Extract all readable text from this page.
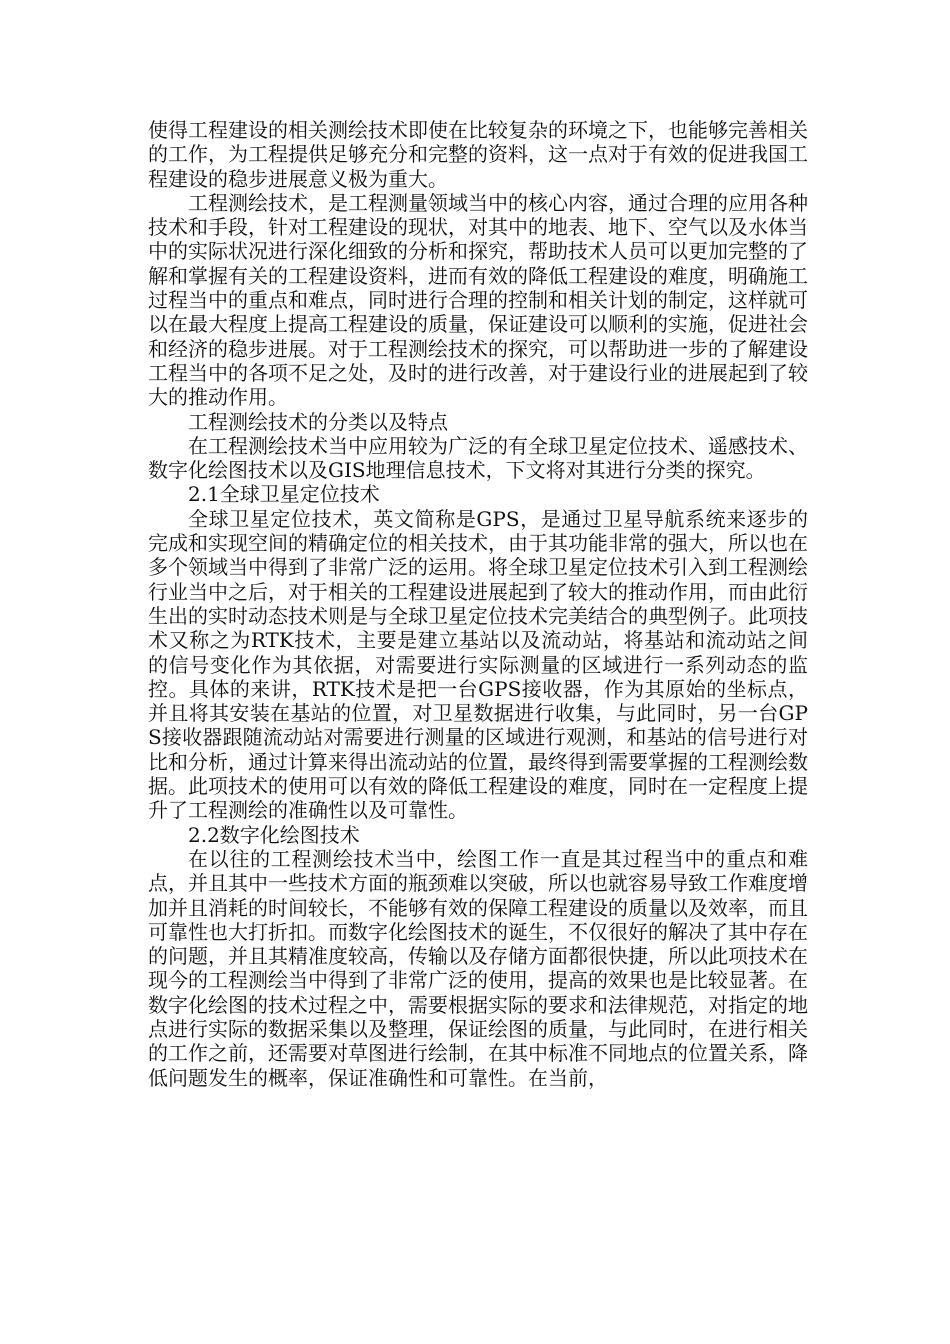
使得工程建设的相关测绘技术即使在比较复杂的环境之下，也能够完善相关的工作，为工程提供足够充分和完整的资料，这一点对于有效的促进我国工程建设的稳步进展意义极为重大。

工程测绘技术，是工程测量领域当中的核心内容，通过合理的应用各种技术和手段，针对工程建设的现状，对其中的地表、地下、空气以及水体当中的实际状况进行深化细致的分析和探究，帮助技术人员可以更加完整的了解和掌握有关的工程建设资料，进而有效的降低工程建设的难度，明确施工过程当中的重点和难点，同时进行合理的控制和相关计划的制定，这样就可以在最大程度上提高工程建设的质量，保证建设可以顺利的实施，促进社会和经济的稳步进展。对于工程测绘技术的探究，可以帮助进一步的了解建设工程当中的各项不足之处，及时的进行改善，对于建设行业的进展起到了较大的推动作用。

工程测绘技术的分类以及特点

在工程测绘技术当中应用较为广泛的有全球卫星定位技术、遥感技术、数字化绘图技术以及GIS地理信息技术，下文将对其进行分类的探究。

2.1全球卫星定位技术

全球卫星定位技术，英文简称是GPS，是通过卫星导航系统来逐步的完成和实现空间的精确定位的相关技术，由于其功能非常的强大，所以也在多个领域当中得到了非常广泛的运用。将全球卫星定位技术引入到工程测绘行业当中之后，对于相关的工程建设进展起到了较大的推动作用，而由此衍生出的实时动态技术则是与全球卫星定位技术完美结合的典型例子。此项技术又称之为RTK技术，主要是建立基站以及流动站，将基站和流动站之间的信号变化作为其依据，对需要进行实际测量的区域进行一系列动态的监控。具体的来讲，RTK技术是把一台GPS接收器，作为其原始的坐标点，并且将其安装在基站的位置，对卫星数据进行收集，与此同时，另一台GPS接收器跟随流动站对需要进行测量的区域进行观测，和基站的信号进行对比和分析，通过计算来得出流动站的位置，最终得到需要掌握的工程测绘数据。此项技术的使用可以有效的降低工程建设的难度，同时在一定程度上提升了工程测绘的准确性以及可靠性。

2.2数字化绘图技术

在以往的工程测绘技术当中，绘图工作一直是其过程当中的重点和难点，并且其中一些技术方面的瓶颈难以突破，所以也就容易导致工作难度增加并且消耗的时间较长，不能够有效的保障工程建设的质量以及效率，而且可靠性也大打折扣。而数字化绘图技术的诞生，不仅很好的解决了其中存在的问题，并且其精准度较高，传输以及存储方面都很快捷，所以此项技术在现今的工程测绘当中得到了非常广泛的使用，提高的效果也是比较显著。在数字化绘图的技术过程之中，需要根据实际的要求和法律规范，对指定的地点进行实际的数据采集以及整理，保证绘图的质量，与此同时，在进行相关的工作之前，还需要对草图进行绘制，在其中标准不同地点的位置关系，降低问题发生的概率，保证准确性和可靠性。在当前，
